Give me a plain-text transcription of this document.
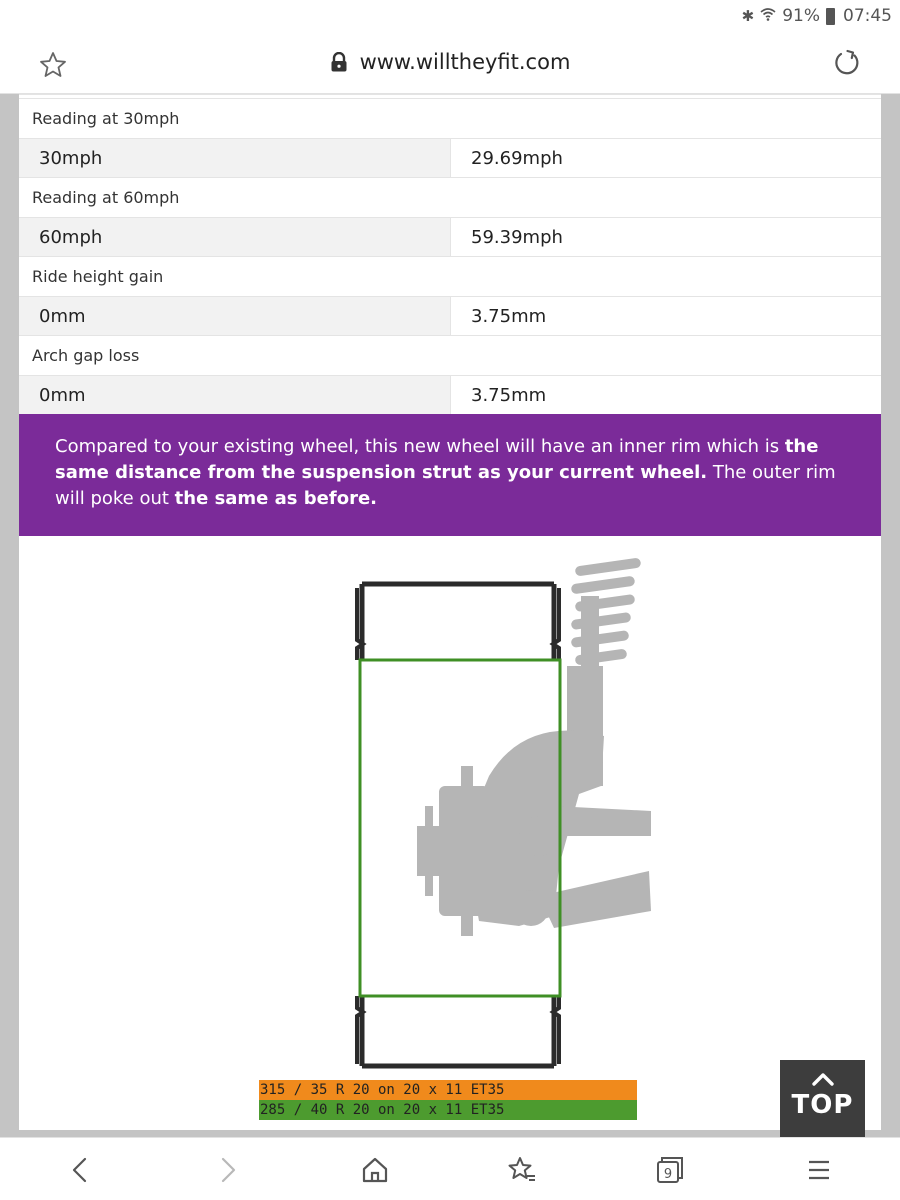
✱ 91% 07:45
www.willtheyfit.com
Reading at 30mph
30mph	29.69mph
Reading at 60mph
60mph	59.39mph
Ride height gain
0mm	3.75mm
Arch gap loss
0mm	3.75mm
Compared to your existing wheel, this new wheel will have an inner rim which is the same distance from the suspension strut as your current wheel. The outer rim will poke out the same as before.
315 / 35 R 20 on 20 x 11 ET35
285 / 40 R 20 on 20 x 11 ET35	TOP
9
